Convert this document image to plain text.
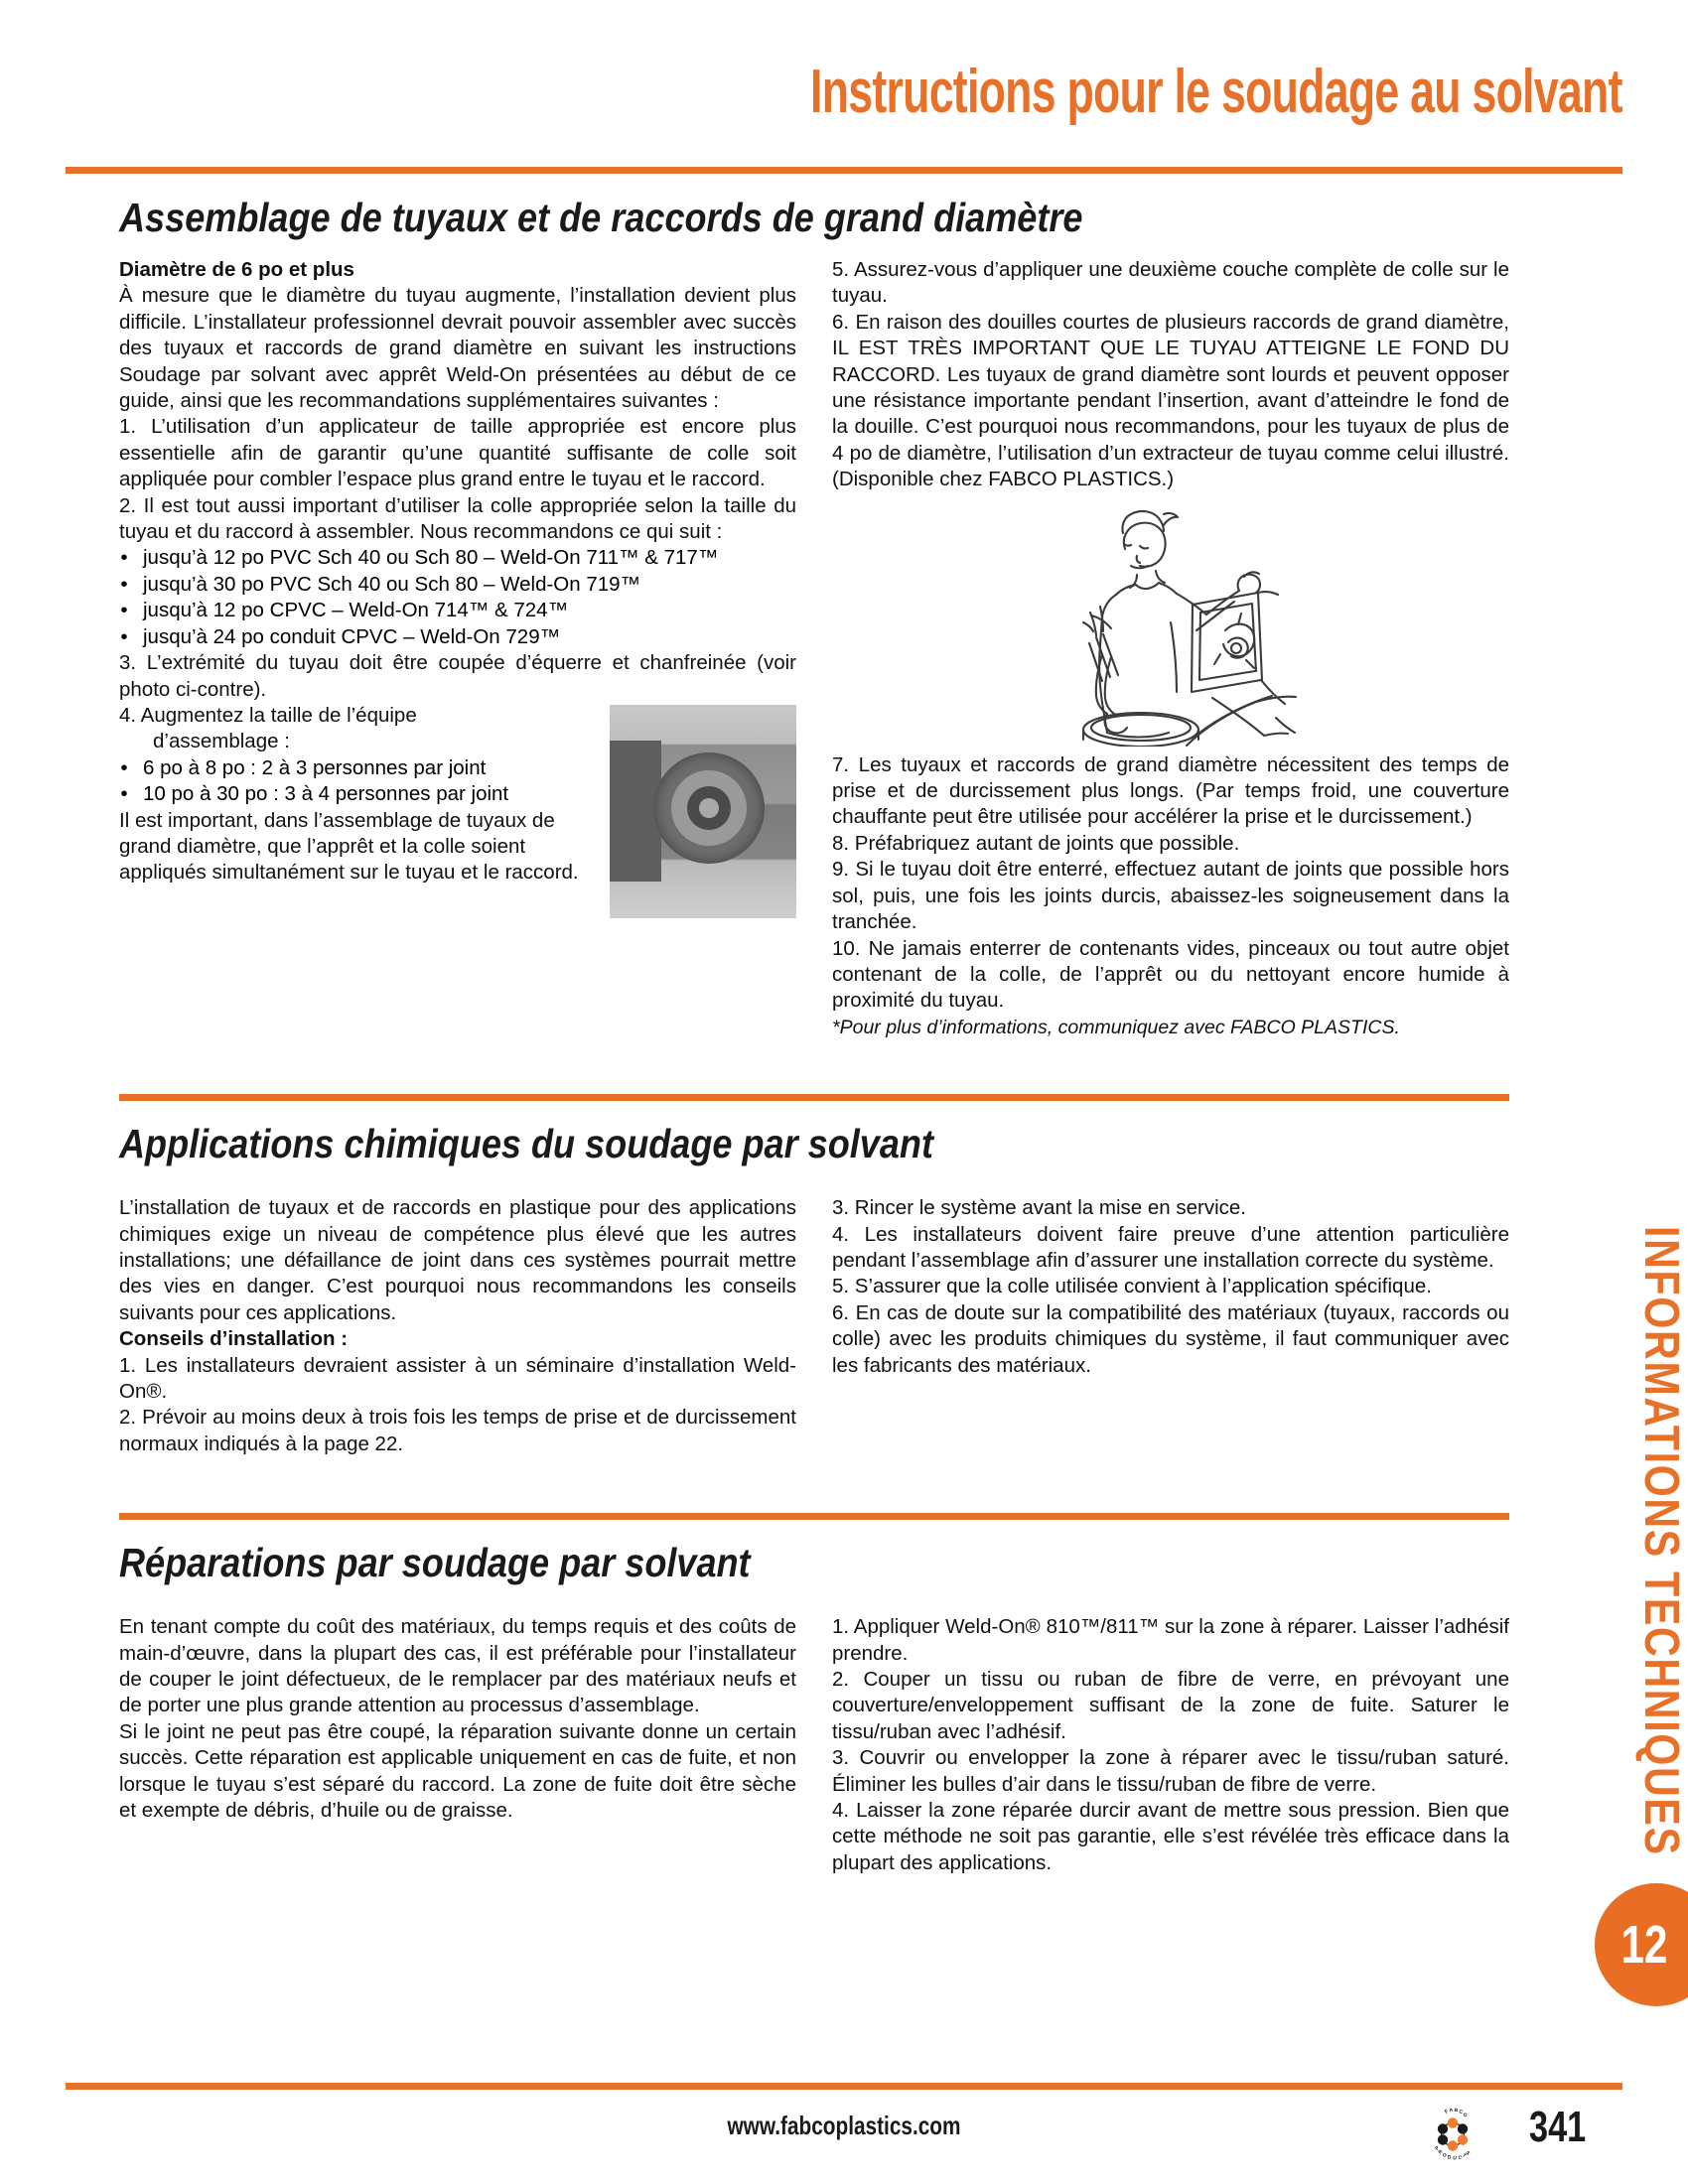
Instructions pour le soudage au solvant
Assemblage de tuyaux et de raccords de grand diamètre

Diamètre de 6 po et plus

À mesure que le diamètre du tuyau augmente, l’installation devient plus difficile. L’installateur professionnel devrait pouvoir assembler avec succès des tuyaux et raccords de grand diamètre en suivant les instructions Soudage par solvant avec apprêt Weld-On présentées au début de ce guide, ainsi que les recommandations supplémentaires suivantes :

1. L’utilisation d’un applicateur de taille appropriée est encore plus essentielle afin de garantir qu’une quantité suffisante de colle soit appliquée pour combler l’espace plus grand entre le tuyau et le raccord.

2. Il est tout aussi important d’utiliser la colle appropriée selon la taille du tuyau et du raccord à assembler. Nous recommandons ce qui suit :

• jusqu’à 12 po PVC Sch 40 ou Sch 80 – Weld-On 711™ & 717™
• jusqu’à 30 po PVC Sch 40 ou Sch 80 – Weld-On 719™
• jusqu’à 12 po CPVC – Weld-On 714™ & 724™
• jusqu’à 24 po conduit CPVC – Weld-On 729™

3. L’extrémité du tuyau doit être coupée d’équerre et chanfreinée (voir photo ci-contre).

4. Augmentez la taille de l’équipe

d’assemblage :

• 6 po à 8 po : 2 à 3 personnes par joint
• 10 po à 30 po : 3 à 4 personnes par joint

Il est important, dans l’assemblage de tuyaux de grand diamètre, que l’apprêt et la colle soient appliqués simultanément sur le tuyau et le raccord.

5. Assurez-vous d’appliquer une deuxième couche complète de colle sur le tuyau.

6. En raison des douilles courtes de plusieurs raccords de grand diamètre, IL EST TRÈS IMPORTANT QUE LE TUYAU ATTEIGNE LE FOND DU RACCORD. Les tuyaux de grand diamètre sont lourds et peuvent opposer une résistance importante pendant l’insertion, avant d’atteindre le fond de la douille. C’est pourquoi nous recommandons, pour les tuyaux de plus de 4 po de diamètre, l’utilisation d’un extracteur de tuyau comme celui illustré. (Disponible chez FABCO PLASTICS.)

7. Les tuyaux et raccords de grand diamètre nécessitent des temps de prise et de durcissement plus longs. (Par temps froid, une couverture chauffante peut être utilisée pour accélérer la prise et le durcissement.)

8. Préfabriquez autant de joints que possible.

9. Si le tuyau doit être enterré, effectuez autant de joints que possible hors sol, puis, une fois les joints durcis, abaissez-les soigneusement dans la tranchée.

10. Ne jamais enterrer de contenants vides, pinceaux ou tout autre objet contenant de la colle, de l’apprêt ou du nettoyant encore humide à proximité du tuyau.

*Pour plus d’informations, communiquez avec FABCO PLASTICS.

Applications chimiques du soudage par solvant

L’installation de tuyaux et de raccords en plastique pour des applications chimiques exige un niveau de compétence plus élevé que les autres installations; une défaillance de joint dans ces systèmes pourrait mettre des vies en danger. C’est pourquoi nous recommandons les conseils suivants pour ces applications.

Conseils d’installation :

1. Les installateurs devraient assister à un séminaire d’installation Weld-On®.

2. Prévoir au moins deux à trois fois les temps de prise et de durcissement normaux indiqués à la page 22.

3. Rincer le système avant la mise en service.

4. Les installateurs doivent faire preuve d’une attention particulière pendant l’assemblage afin d’assurer une installation correcte du système.

5. S’assurer que la colle utilisée convient à l’application spécifique.

6. En cas de doute sur la compatibilité des matériaux (tuyaux, raccords ou colle) avec les produits chimiques du système, il faut communiquer avec les fabricants des matériaux.

Réparations par soudage par solvant

En tenant compte du coût des matériaux, du temps requis et des coûts de main-d’œuvre, dans la plupart des cas, il est préférable pour l’installateur de couper le joint défectueux, de le remplacer par des matériaux neufs et de porter une plus grande attention au processus d’assemblage.

Si le joint ne peut pas être coupé, la réparation suivante donne un certain succès. Cette réparation est applicable uniquement en cas de fuite, et non lorsque le tuyau s’est séparé du raccord. La zone de fuite doit être sèche et exempte de débris, d’huile ou de graisse.

1. Appliquer Weld-On® 810™/811™ sur la zone à réparer. Laisser l’adhésif prendre.

2. Couper un tissu ou ruban de fibre de verre, en prévoyant une couverture/enveloppement suffisant de la zone de fuite. Saturer le tissu/ruban avec l’adhésif.

3. Couvrir ou envelopper la zone à réparer avec le tissu/ruban saturé. Éliminer les bulles d’air dans le tissu/ruban de fibre de verre.

4. Laisser la zone réparée durcir avant de mettre sous pression. Bien que cette méthode ne soit pas garantie, elle s’est révélée très efficace dans la plupart des applications.

INFORMATIONS TECHNIQUES
12
www.fabcoplastics.com	F A B C
O
P
R
O D U C
T
S
341
